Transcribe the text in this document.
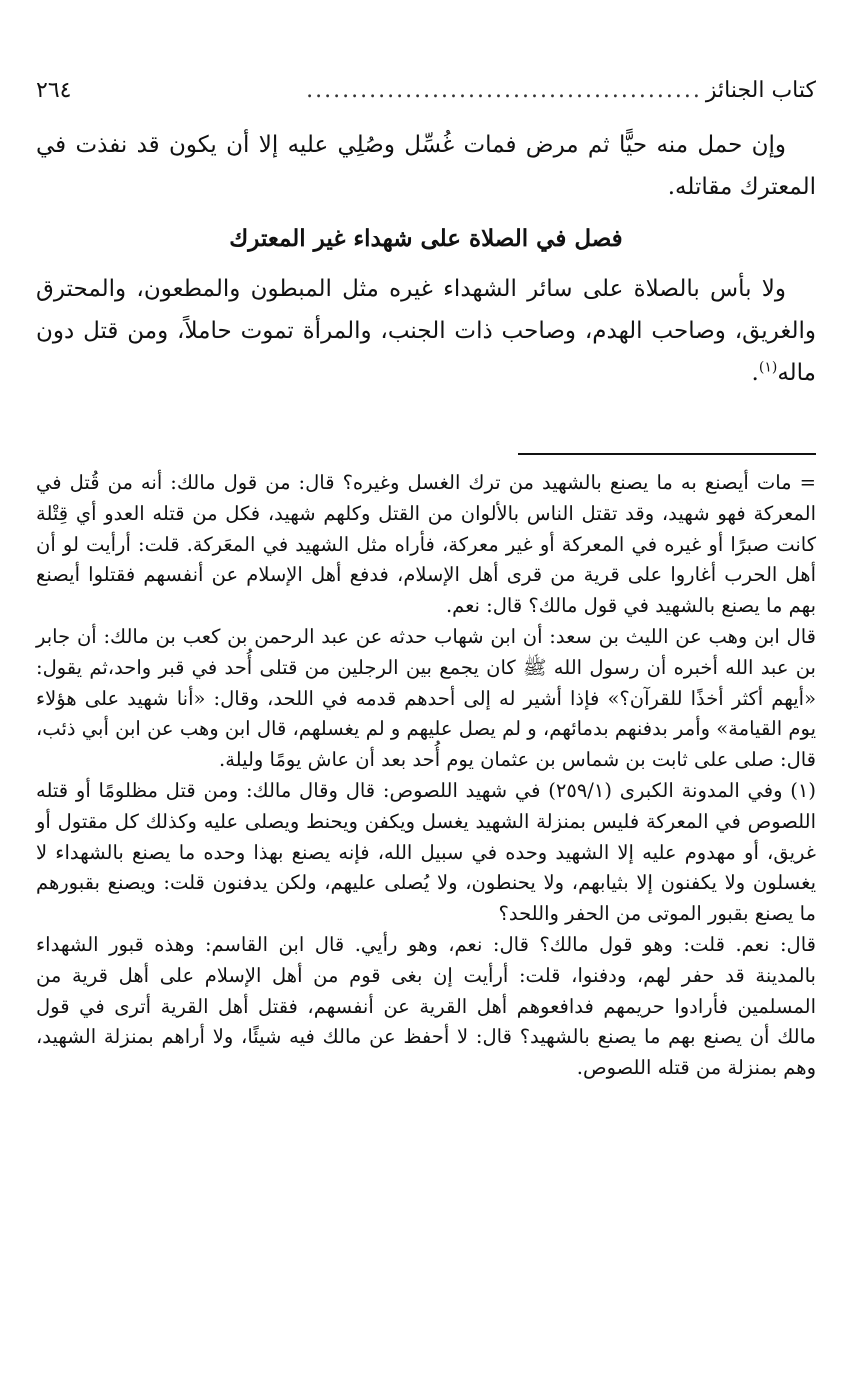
كتاب الجنائز
............................................
٢٦٤

وإن حمل منه حيًّا ثم مرض فمات غُسِّل وصُلِي عليه إلا أن يكون قد نفذت في المعترك مقاتله.

فصل في الصلاة على شهداء غير المعترك

ولا بأس بالصلاة على سائر الشهداء غيره مثل المبطون والمطعون، والمحترق والغريق، وصاحب الهدم، وصاحب ذات الجنب، والمرأة تموت حاملاً، ومن قتل دون ماله$^{(١)}$.

= مات أيصنع به ما يصنع بالشهيد من ترك الغسل وغيره؟ قال: من قول مالك: أنه من قُتل في المعركة فهو شهيد، وقد تقتل الناس بالألوان من القتل وكلهم شهيد، فكل من قتله العدو أي قِتْلة كانت صبرًا أو غيره في المعركة أو غير معركة، فأراه مثل الشهيد في المعَركة. قلت: أرأيت لو أن أهل الحرب أغاروا على قرية من قرى أهل الإسلام، فدفع أهل الإسلام عن أنفسهم فقتلوا أيصنع بهم ما يصنع بالشهيد في قول مالك؟ قال: نعم.

قال ابن وهب عن الليث بن سعد: أن ابن شهاب حدثه عن عبد الرحمن بن كعب بن مالك: أن جابر بن عبد الله أخبره أن رسول الله ﷺ كان يجمع بين الرجلين من قتلى أُحد في قبر واحد،ثم يقول: «أيهم أكثر أخذًا للقرآن؟» فإذا أشير له إلى أحدهم قدمه في اللحد، وقال: «أنا شهيد على هؤلاء يوم القيامة» وأمر بدفنهم بدمائهم، و لم يصل عليهم و لم يغسلهم، قال ابن وهب عن ابن أبي ذئب، قال: صلى على ثابت بن شماس بن عثمان يوم أُحد بعد أن عاش يومًا وليلة.

(١) وفي المدونة الكبرى (٢٥٩/١) في شهيد اللصوص: قال وقال مالك: ومن قتل مظلومًا أو قتله اللصوص في المعركة فليس بمنزلة الشهيد يغسل ويكفن ويحنط ويصلى عليه وكذلك كل مقتول أو غريق، أو مهدوم عليه إلا الشهيد وحده في سبيل الله، فإنه يصنع بهذا وحده ما يصنع بالشهداء لا يغسلون ولا يكفنون إلا بثيابهم، ولا يحنطون، ولا يُصلى عليهم، ولكن يدفنون قلت: ويصنع بقبورهم ما يصنع بقبور الموتى من الحفر واللحد؟

قال: نعم. قلت: وهو قول مالك؟ قال: نعم، وهو رأيي. قال ابن القاسم: وهذه قبور الشهداء بالمدينة قد حفر لهم، ودفنوا، قلت: أرأيت إن بغى قوم من أهل الإسلام على أهل قرية من المسلمين فأرادوا حريمهم فدافعوهم أهل القرية عن أنفسهم، فقتل أهل القرية أترى في قول مالك أن يصنع بهم ما يصنع بالشهيد؟ قال: لا أحفظ عن مالك فيه شيئًا، ولا أراهم بمنزلة الشهيد، وهم بمنزلة من قتله اللصوص.
